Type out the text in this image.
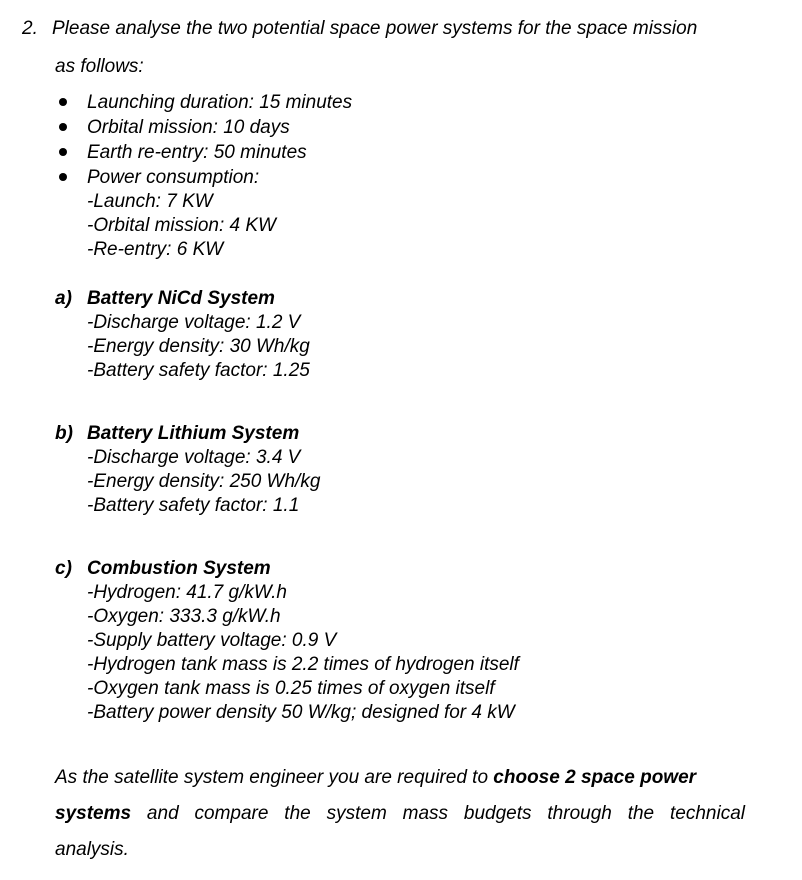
2. Please analyse the two potential space power systems for the space mission
as follows:
Launching duration: 15 minutes
Orbital mission: 10 days
Earth re-entry: 50 minutes
Power consumption:
-Launch: 7 KW
-Orbital mission: 4 KW
-Re-entry: 6 KW
a) Battery NiCd System
-Discharge voltage: 1.2 V
-Energy density: 30 Wh/kg
-Battery safety factor: 1.25
b) Battery Lithium System
-Discharge voltage: 3.4 V
-Energy density: 250 Wh/kg
-Battery safety factor: 1.1
c) Combustion System
-Hydrogen: 41.7 g/kW.h
-Oxygen: 333.3 g/kW.h
-Supply battery voltage: 0.9 V
-Hydrogen tank mass is 2.2 times of hydrogen itself
-Oxygen tank mass is 0.25 times of oxygen itself
-Battery power density 50 W/kg; designed for 4 kW
As the satellite system engineer you are required to choose 2 space power
systems and compare the system mass budgets through the technical
analysis.
